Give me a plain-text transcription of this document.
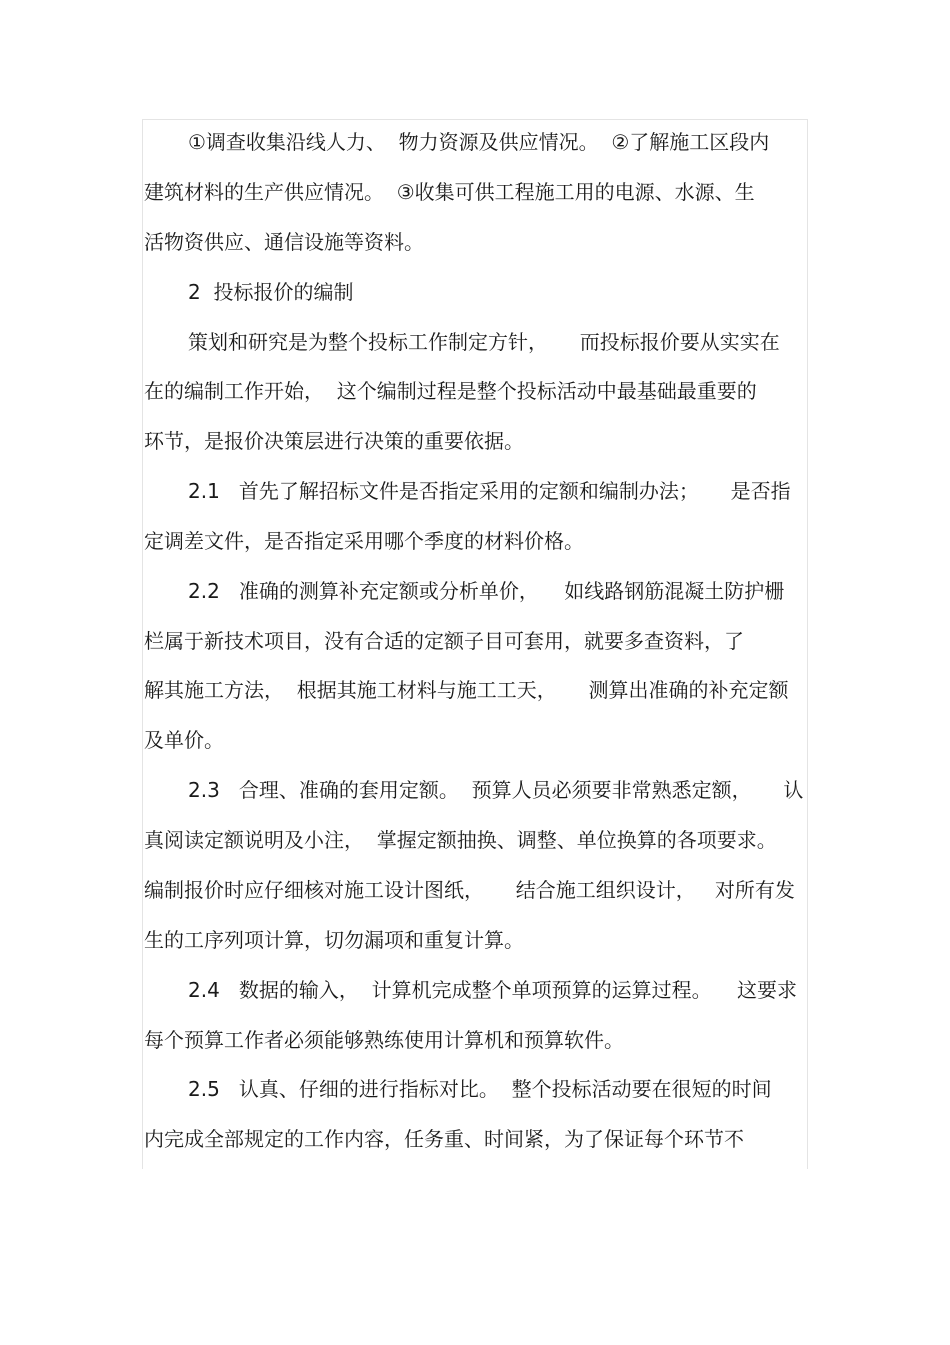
①调查收集沿线人力、  物力资源及供应情况。  ②了解施工区段内
建筑材料的生产供应情况。  ③收集可供工程施工用的电源、水源、生
活物资供应、通信设施等资料。
2  投标报价的编制
策划和研究是为整个投标工作制定方针，     而投标报价要从实实在
在的编制工作开始，  这个编制过程是整个投标活动中最基础最重要的
环节，是报价决策层进行决策的重要依据。
2.1   首先了解招标文件是否指定采用的定额和编制办法；     是否指
定调差文件，是否指定采用哪个季度的材料价格。
2.2   准确的测算补充定额或分析单价，    如线路钢筋混凝土防护栅
栏属于新技术项目，没有合适的定额子目可套用，就要多查资料，了
解其施工方法，  根据其施工材料与施工工天，     测算出准确的补充定额
及单价。
2.3   合理、准确的套用定额。  预算人员必须要非常熟悉定额，     认
真阅读定额说明及小注，  掌握定额抽换、调整、单位换算的各项要求。
编制报价时应仔细核对施工设计图纸，     结合施工组织设计，   对所有发
生的工序列项计算，切勿漏项和重复计算。
2.4   数据的输入，  计算机完成整个单项预算的运算过程。    这要求
每个预算工作者必须能够熟练使用计算机和预算软件。
2.5   认真、仔细的进行指标对比。  整个投标活动要在很短的时间
内完成全部规定的工作内容，任务重、时间紧，为了保证每个环节不
